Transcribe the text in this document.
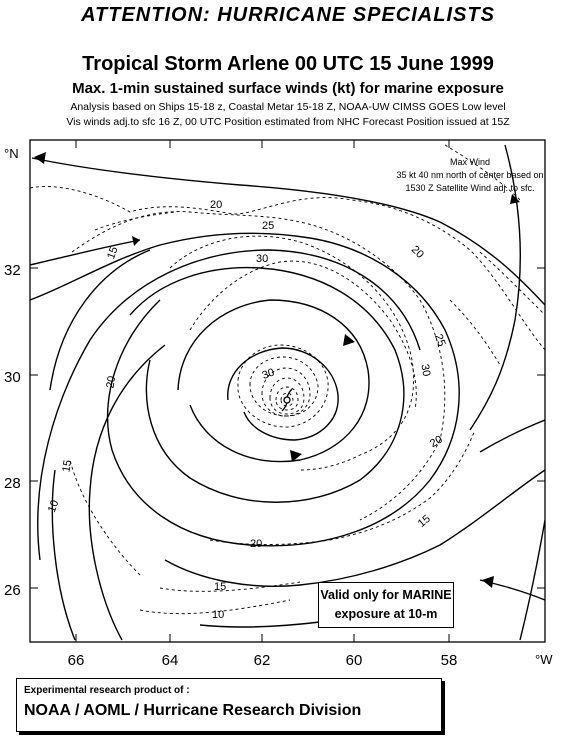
ATTENTION: HURRICANE SPECIALISTS
Tropical Storm Arlene 00 UTC 15 June 1999
Max. 1-min sustained surface winds (kt) for marine exposure
Analysis based on Ships 15-18 z, Coastal Metar 15-18 Z, NOAA-UW CIMSS GOES Low level
Vis winds adj.to sfc 16 Z, 00 UTC Position estimated from NHC Forecast Position issued at 15Z
°N
32
30
28
26
66	64	62	60	58	°W
20
25
15	30	20
25
30
20
15
20
15
10
15
20
10
30
Max Wind
35 kt 40 nm north of center based on
1530 Z Satellite Wind adj. to sfc.
Valid only for MARINE
exposure at 10-m
Experimental research product of :
NOAA / AOML / Hurricane Research Division
